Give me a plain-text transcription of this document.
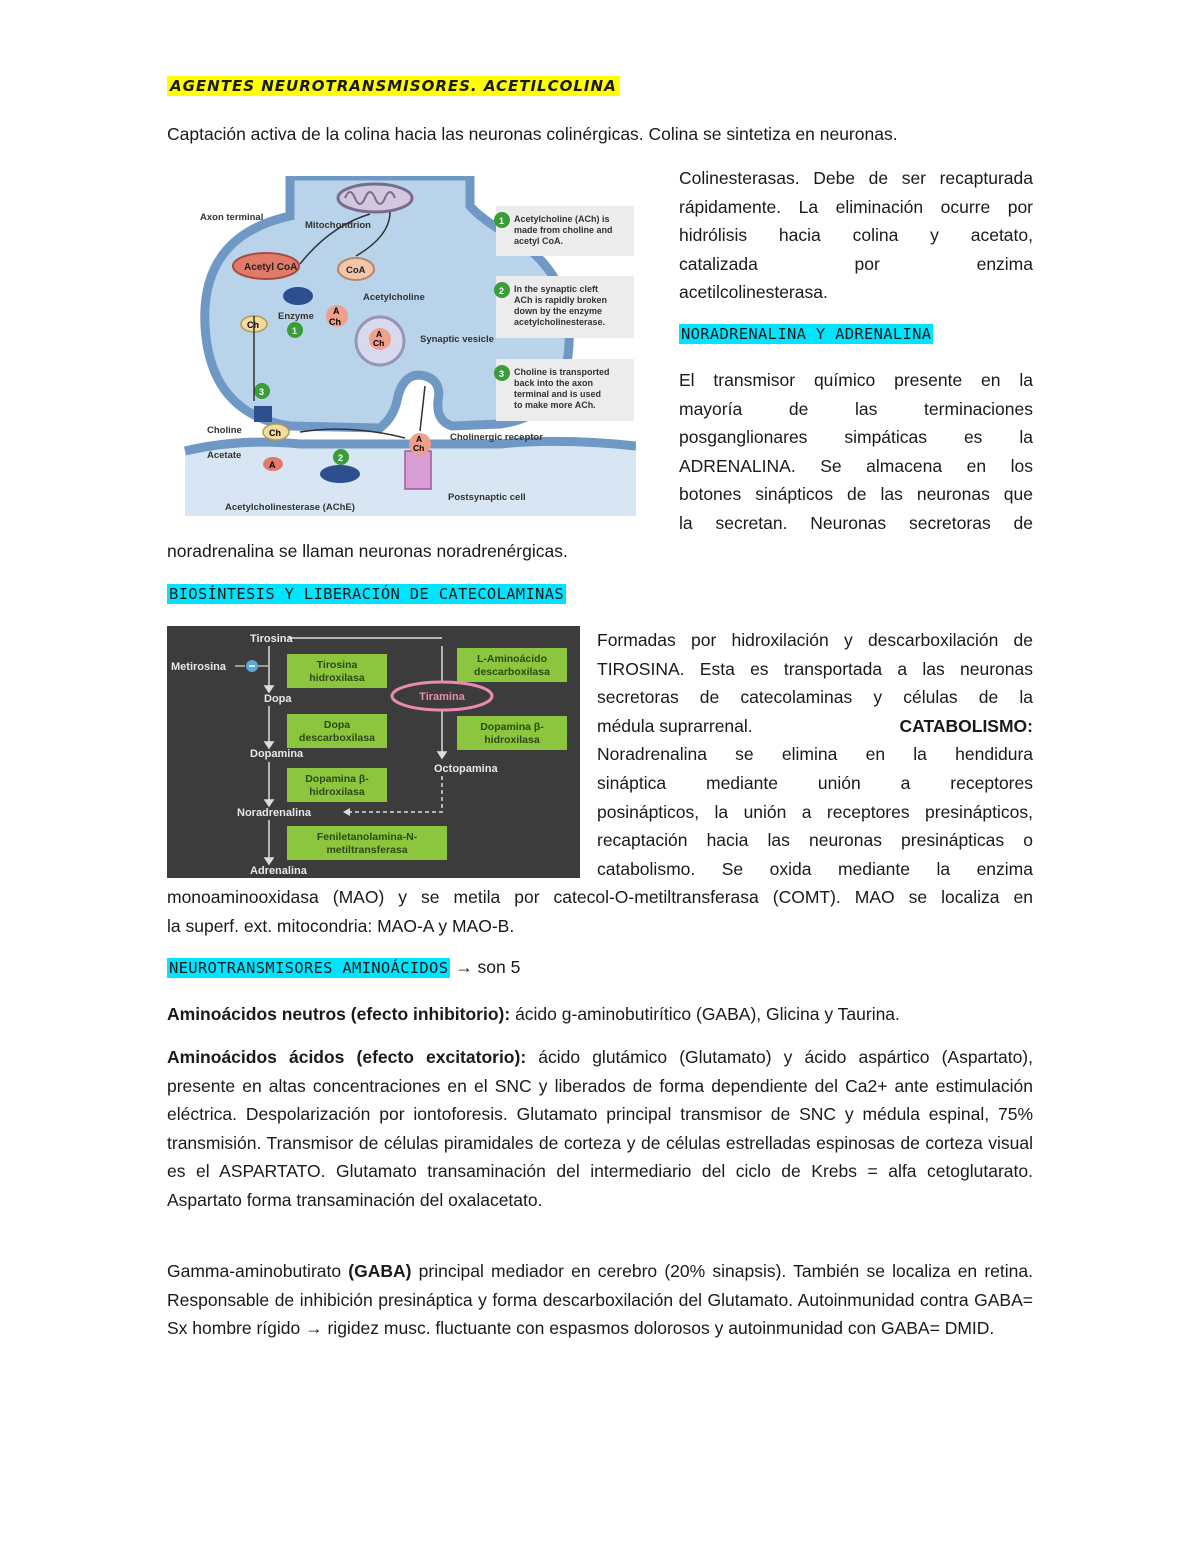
AGENTES NEUROTRANSMISORES. ACETILCOLINA

Captación activa de la colina hacia las neuronas colinérgicas. Colina se sintetiza en neuronas.

Mitochondrion
Axon terminal
Acetyl CoA	CoA
Enzyme
Acetylcholine
A
Ch
Ch
1	A
Ch	Synaptic vesicle
3
Choline	Ch
Acetate
A
2
Acetylcholinesterase (AChE)
A
Ch
Cholinergic receptor
Postsynaptic cell
1
2
3
Acetylcholine (ACh) is
made from choline and
acetyl CoA.
In the synaptic cleft
ACh is rapidly broken
down by the enzyme
acetylcholinesterase.
Choline is transported
back into the axon
terminal and is used
to make more ACh.
Colinesterasas. Debe de ser recapturada
rápidamente. La eliminación ocurre por
hidrólisis hacia colina y acetato,
catalizada por enzima
acetilcolinesterasa.
NORADRENALINA Y ADRENALINA
El transmisor químico presente en la
mayoría de las terminaciones
posganglionares simpáticas es la
ADRENALINA. Se almacena en los
botones sinápticos de las neuronas que
la secretan. Neuronas secretoras de

noradrenalina se llaman neuronas noradrenérgicas.

BIOSÍNTESIS Y LIBERACIÓN DE CATECOLAMINAS
Tirosina
Metirosina
Dopa
Dopamina
Noradrenalina
Adrenalina
Octopamina
Tirosina
hidroxilasa
Dopa
descarboxilasa
Dopamina β-
hidroxilasa
Feniletanolamina-N-
metiltransferasa
L-Aminoácido
descarboxilasa
Dopamina β-
hidroxilasa
Tiramina
Formadas por hidroxilación y descarboxilación de
TIROSINA. Esta es transportada a las neuronas
secretoras de catecolaminas y células de la
médula suprarrenal.	CATABOLISMO:
Noradrenalina se elimina en la hendidura
sináptica mediante unión a receptores
posinápticos, la unión a receptores presinápticos,
recaptación hacia las neuronas presinápticas o
catabolismo. Se oxida mediante la enzima
monoaminooxidasa (MAO) y se metila por catecol-O-metiltransferasa (COMT). MAO se localiza en
la superf. ext. mitocondria: MAO-A y MAO-B.
NEUROTRANSMISORES AMINOÁCIDOS → son 5

Aminoácidos neutros (efecto inhibitorio): ácido g-aminobutirítico (GABA), Glicina y Taurina.

Aminoácidos ácidos (efecto excitatorio): ácido glutámico (Glutamato) y ácido aspártico (Aspartato), presente en altas concentraciones en el SNC y liberados de forma dependiente del Ca2+ ante estimulación eléctrica. Despolarización por iontoforesis. Glutamato principal transmisor de SNC y médula espinal, 75% transmisión. Transmisor de células piramidales de corteza y de células estrelladas espinosas de corteza visual es el ASPARTATO. Glutamato transaminación del intermediario del ciclo de Krebs = alfa cetoglutarato. Aspartato forma transaminación del oxalacetato.

Gamma-aminobutirato (GABA) principal mediador en cerebro (20% sinapsis). También se localiza en retina. Responsable de inhibición presináptica y forma descarboxilación del Glutamato. Autoinmunidad contra GABA= Sx hombre rígido → rigidez musc. fluctuante con espasmos dolorosos y autoinmunidad con GABA= DMID.
